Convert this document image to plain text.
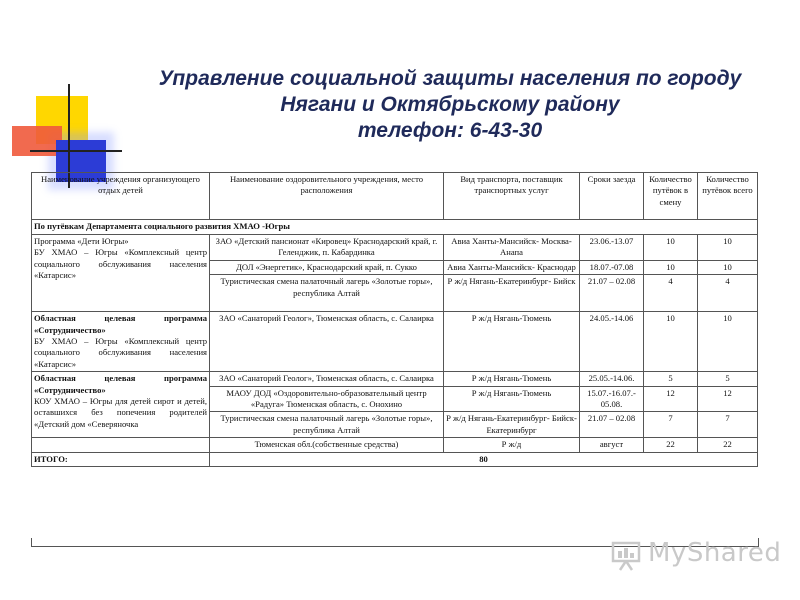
Управление социальной защиты населения по городу
Нягани и Октябрьскому району
телефон: 6-43-30
Наименование учреждения организующего отдых детей	Наименование оздоровительного учреждения, место расположения	Вид транспорта, поставщик транспортных услуг	Сроки заезда	Количество путёвок в смену	Количество путёвок всего
По путёвкам Департамента социального развития ХМАО -Югры					

Программа «Дети Югры»
БУ ХМАО – Югры «Комплексный центр социального обслуживания населения «Катарсис»	ЗАО «Детский пансионат «Кировец» Краснодарский край, г. Геленджик, п. Кабардинка	Авиа Ханты-Мансийск- Москва- Анапа	23.06.-13.07	10	10
	ДОЛ «Энергетик», Краснодарский край, п. Сукко	Авиа Ханты-Мансийск- Краснодар	18.07.-07.08	10	10
	Туристическая смена палаточный лагерь «Золотые горы», республика Алтай	Р ж/д Нягань-Екатеринбург- Бийск	21.07 – 02.08	4	4

Областная целевая программа «Сотрудничество»
БУ ХМАО – Югры «Комплексный центр социального обслуживания населения «Катарсис»	ЗАО «Санаторий Геолог», Тюменская область, с. Салаирка	Р ж/д Нягань-Тюмень	24.05.-14.06	10	10

Областная целевая программа «Сотрудничество»
КОУ ХМАО – Югры для детей сирот и детей, оставшихся без попечения родителей «Детский дом «Северяночка	ЗАО «Санаторий Геолог», Тюменская область, с. Салаирка	Р ж/д Нягань-Тюмень	25.05.-14.06.	5	5
	МАОУ ДОД «Оздоровительно-образовательный центр «Радуга» Тюменская область, с. Онохино	Р ж/д Нягань-Тюмень	15.07.-16.07.- 05.08.	12	12
	Туристическая смена палаточный лагерь «Золотые горы», республика Алтай	Р ж/д Нягань-Екатеринбург- Бийск-Екатеринбург	21.07 – 02.08	7	7
	Тюменская обл.(собственные средства)	Р ж/д	август	22	22
ИТОГО:	80				
MyShared
